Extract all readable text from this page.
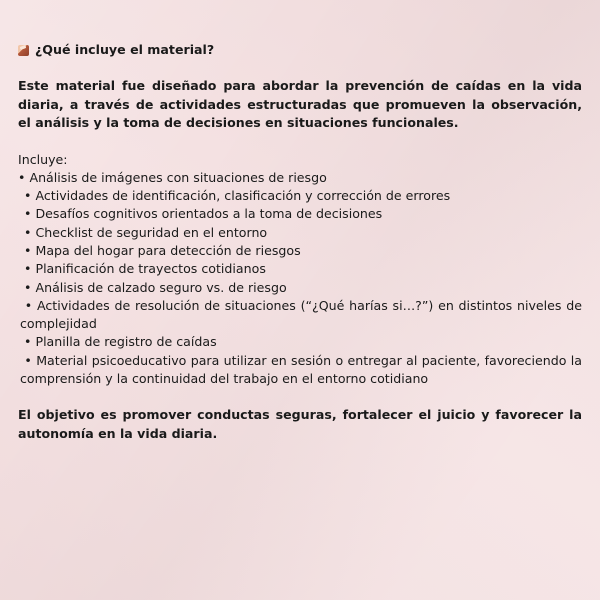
¿Qué incluye el material?

Este material fue diseñado para abordar la prevención de caídas en la vida diaria, a través de actividades estructuradas que promueven la observación, el análisis y la toma de decisiones en situaciones funcionales.

Incluye:

• Análisis de imágenes con situaciones de riesgo
• Actividades de identificación, clasificación y corrección de errores
• Desafíos cognitivos orientados a la toma de decisiones
• Checklist de seguridad en el entorno
• Mapa del hogar para detección de riesgos
• Planificación de trayectos cotidianos
• Análisis de calzado seguro vs. de riesgo
• Actividades de resolución de situaciones (“¿Qué harías si…?”) en distintos niveles de complejidad
• Planilla de registro de caídas
• Material psicoeducativo para utilizar en sesión o entregar al paciente, favoreciendo la comprensión y la continuidad del trabajo en el entorno cotidiano

El objetivo es promover conductas seguras, fortalecer el juicio y favorecer la autonomía en la vida diaria.
